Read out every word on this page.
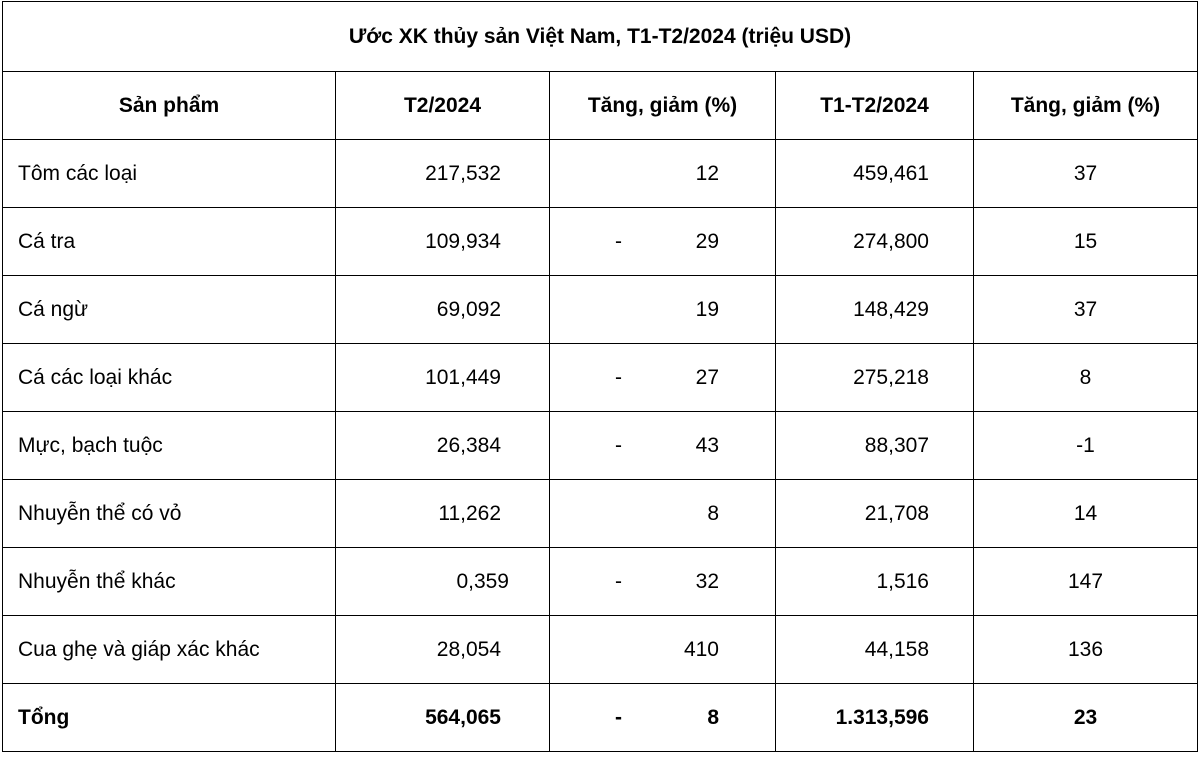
Ước XK thủy sản Việt Nam, T1-T2/2024 (triệu USD)				
Sản phẩm	T2/2024	Tăng, giảm (%)	T1-T2/2024	Tăng, giảm (%)
Tôm các loại	217,532	12	459,461	37
Cá tra	109,934	- 29	274,800	15
Cá ngừ	69,092	19	148,429	37
Cá các loại khác	101,449	- 27	275,218	8
Mực, bạch tuộc	26,384	- 43	88,307	-1
Nhuyễn thể có vỏ	11,262	8	21,708	14
Nhuyễn thể khác	0,359	- 32	1,516	147
Cua ghẹ và giáp xác khác	28,054	410	44,158	136
Tổng	564,065	- 8	1.313,596	23
